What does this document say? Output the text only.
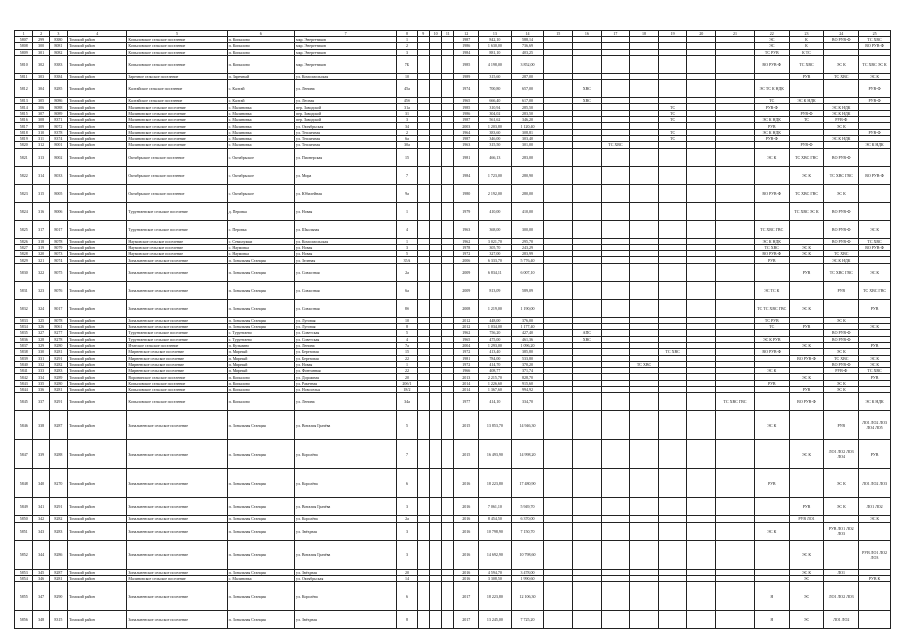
1	2	3	4	5	6	7	8	9	10	11	12	13	14	15	16	17	18	19	20	21	22	23	24	25
5807	299	8380	Томский район	Копыловское сельское поселение	п. Копылово	мкр. Энергетиков	1				1987	842,10	588,14								ЭС	К	ВО РУВ-Ф	ТС ХВС
5808	300	8081	Томский район	Копыловское сельское поселение	п. Копылово	мкр. Энергетиков	2				1986	1 630,00	736,69								ЭС	К		ВО РУВ-Ф
5809	301	8082	Томский район	Копыловское сельское поселение	п. Копылово	мкр. Энергетиков	3				1984	881,10	403,25								ТС РУВ	К ТС		
5810	302	8383	Томский район	Копыловское сельское поселение	п. Копылово	мкр. Энергетиков	7Б				1985	4 198,00	3 852,00								ВО РУВ-Ф	ТС ХВС	ЭС К	ТС ХВС ЭС К
5811	303	8384	Томский район	Заречное сельское поселение	п. Заречный	ул. Комсомольская	10				1989	315,60	287,00									РУВ	ТС ХВС	ЭС К
5812	304	8285	Томский район	Калтайское сельское поселение	с. Калтай	ул. Ленина	45а				1974	700,80	657,00		ХВС						ЭС ТС К НДК			РУВ-Ф
5813	305	8086	Томский район	Калтайское сельское поселение	с. Калтай	ул. Лесная	45б				1965	666,40	617,00		ХВС						ТС	ЭС К НДК		РУВ-Ф
5814	306	8088	Томский район	Малиновское сельское поселение	с. Малиновка	пер. Заводской	31а				1985	310,94	285,50					ТС			РУВ-Ф		ЭС К НДК	
5815	307	8089	Томский район	Малиновское сельское поселение	с. Малиновка	пер. Заводской	31				1986	304,02	283,50					ТС				РУВ-Ф	ЭС К НДК	
5816	308	8371	Томский район	Малиновское сельское поселение	с. Малиновка	пер. Заводской	3				1987	561,62	346,20					ТС			ЭС К НДК	ТС	РУВ-Ф	
5817	309	8072	Томский район	Малиновское сельское поселение	с. Малиновка	ул. Октябрьская	34				2003	1 203,80	1 120,40								РУВ		ЭС К	
5818	310	8378	Томский район	Малиновское сельское поселение	с. Малиновка	ул. Тепличная	2				1964	383,60	308,81					ТС			ЭС К НДК			РУВ-Ф
5819	311	8374	Томский район	Малиновское сельское поселение	с. Малиновка	ул. Тепличная	6а				1987	346,00	303,40					ТС			РУВ-Ф		ЭС К НДК	
5820	312	8001	Томский район	Малиновское сельское поселение	с. Малиновка	ул. Тепличная	30а				1963	315,50	301,00			ТС ХВС						РУВ-Ф		ЭС К НДК
5821	313	8002	Томский район	Октябрьское сельское поселение	с. Октябрьское	ул. Пионерская	15				1981	466,13	283,00								ЭС К	ТС ХВС ГВС	ВО РУВ-Ф	
5822	314	8033	Томский район	Октябрьское сельское поселение	с. Октябрьское	ул. Мира	7				1984	1 723,00	280,90									ЭС К	ТС ХВС ГВС	ВО РУВ-Ф
5823	315	8005	Томский район	Октябрьское сельское поселение	с. Октябрьское	ул. Юбилейная	9а				1980	2 192,00	280,00								ВО РУВ-Ф	ТС ХВС ГВС	ЭС К	
5824	316	8006	Томский район	Турунтаевское сельское поселение	д. Перовка	ул. Новая	1				1979	410,00	410,00									ТС ХВС ЭС К	ВО РУВ-Ф	
5825	317	8017	Томский район	Турунтаевское сельское поселение	с. Перовка	ул. Школьная	4				1963	368,00	300,00								ТС ХВС ГВС		ВО РУВ-Ф	ЭС К
5826	318	8078	Томский район	Наумовское сельское поселение	с. Семилужки	ул. Комсомольская	1				1962	3 021,70	295,70								ЭС К НДК		ВО РУВ-Ф	ТС ХВС
5827	319	8079	Томский район	Наумовское сельское поселение	с. Наумовка	ул. Новая	3				1978	305,70	243,29								ТС ХВС	ЭС К		ВО РУВ-Ф
5828	320	8073	Томский район	Наумовское сельское поселение	с. Наумовка	ул. Новая	5				1972	327,00	283,99								ВО РУВ-Ф	ЭС К	ТС ХВС	
5829	321	8074	Томский район	Зональненское сельское поселение	п. Зональная Станция	ул. Зеленая	35А				2006	6 333,70	5 776,40								РУВ		ЭС К НДК	
5830	322	8075	Томский район	Зональненское сельское поселение	п. Зональная Станция	ул. Совхозная	2а				2009	6 834,11	6 007,10									РУВ	ТС ХВС ГВС	ЭС К
5831	323	8076	Томский район	Зональненское сельское поселение	п. Зональная Станция	ул. Совхозная	6а				2009	813,09	589,09								ЭС ТС К		РУВ	ТС ХВС ГВС
5832	324	8017	Томский район	Зональненское сельское поселение	п. Зональная Станция	ул. Совхозная	8б				2008	1 219,00	1 190,00								ТС ТС ХВС ГВС	ЭС К		РУВ
5833	325	8078	Томский район	Зональненское сельское поселение	п. Зональная Станция	ул. Луговая	10				2012	448,00	376,00								ТС РУВ		ЭС К	
5834	326	8061	Томский район	Зональненское сельское поселение	п. Зональная Станция	ул. Луговая	8				2012	1 034,00	1 177,40								ТС	РУВ		ЭС К
5835	327	8277	Томский район	Турунтаевское сельское поселение	с. Турунтаево	ул. Советская	5				1962	756,20	427,40		АПС								ВО РУВ-Ф	
5836	328	8278	Томский район	Турунтаевское сельское поселение	с. Турунтаево	ул. Советская	4				1965	475,00	461,36		ХВС						ЭС К РУВ		ВО РУВ-Ф	
5837	329	8280	Томский район	Итатское сельское поселение	п. Кузьмино	ул. Ленина	7а				2004	1 293,00	1 096,20									ЭС К		РУВ
5838	330	8281	Томский район	Мирненское сельское поселение	п. Мирный	ул. Березовая	15				1972	413,40	385,80					ТС ХВС			ВО РУВ-Ф		ЭС К	
5839	331	8291	Томский район	Мирненское сельское поселение	п. Мирный	ул. Березовая	22				1981	784,00	533,80									ВО РУВ-Ф	ТС ХВС	ЭС К
5840	332	8282	Томский район	Мирненское сельское поселение	п. Мирный	ул. Новая	1				1972	414,70	370,20				ТС ХВС						ВО РУВ-Ф	ЭС К
5841	333	8283	Томский район	Мирненское сельское поселение	п. Мирный	ул. Фонтанная	22				1966	408,77	371,74								ЭС К		РУВ-Ф	ТС ХВС
5842	334	8289	Томский район	Воронинское сельское поселение	п. Копылово	ул. Дорожная	20				2013	2 215,70	828,70									ЭС К		РУВ
5843	335	8280	Томский район	Копыловское сельское поселение	п. Копылово	ул. Ракетная	20б/1				2014	1 226,60	915,60								РУВ		ЭС К	
5844	336	8281	Томский район	Копыловское сельское поселение	п. Копылово	ул. Новоселья	18/2				2014	1 367,60	994,92									РУВ	ЭС К	
5845	337	8291	Томский район	Копыловское сельское поселение	п. Копылово	ул. Ленина	34а				1977	414,10	334,70							ТС ХВС ГВС		ВО РУВ-Ф		ЭС К НДК
5846	338	8287	Томский район	Зональненское сельское поселение	п. Зональная Станция	ул. Виталия Грачёва	5				2015	13 853,70	14 946,30								ЭС К		РУВ	ЛО1 ЛО2 ЛО3 ЛО4 ЛО5
5847	339	8288	Томский район	Зональненское сельское поселение	п. Зональная Станция	ул. Королёва	7				2015	16 493,90	14 998,20									ЭС К	ЛО1 ЛО2 ЛО3 ЛО4	РУВ
5848	340	8270	Томский район	Зональненское сельское поселение	п. Зональная Станция	ул. Королёва	6				2016	18 223,80	17 480,90								РУВ		ЭС К	ЛО1 ЛО2 ЛО3
5849	341	8291	Томский район	Зональненское сельское поселение	п. Зональная Станция	ул. Виталия Грачёва	3				2016	7 061,10	5 949,70									РУВ	ЭС К	ЛО1 ЛО2
5850	342	8282	Томский район	Зональненское сельское поселение	п. Зональная Станция	ул. Королёва	2а				2016	8 454,50	6 370,00									РУВ ЛО1		ЭС К
5851	343	8283	Томский район	Зональненское сельское поселение	п. Зональная Станция	ул. Звёздная	3				2016	10 798,90	7 150,70								ЭС К		РУВ ЛО1 ЛО2 ЛО3	
5852	344	8286	Томский район	Зональненское сельское поселение	п. Зональная Станция	ул. Виталия Грачёва	3				2016	14 692,90	10 798,60									ЭС К		РУВ ЛО1 ЛО2 ЛО3
5853	345	8287	Томский район	Зональненское сельское поселение	п. Зональная Станция	ул. Звёздная	20				2016	4 594,70	3 478,00									ЭС К	ЛО1	
5854	346	8281	Томский район	Малиновское сельское поселение	с. Малиновка	ул. Октябрьская	14				2016	3 308,50	1 990,60									ЭС		РУВ К
5855	347	8290	Томский район	Зональненское сельское поселение	п. Зональная Станция	ул. Королёва	6				2017	18 223,80	12 106,30								Я	ЭС	ЛО1 ЛО2 ЛО3	
5856	348	8315	Томский район	Зональненское сельское поселение	п. Зональная Станция	ул. Звёздная	8				2017	13 245,00	7 725,20								Я	ЭС	ЛО1 ЛО2	
